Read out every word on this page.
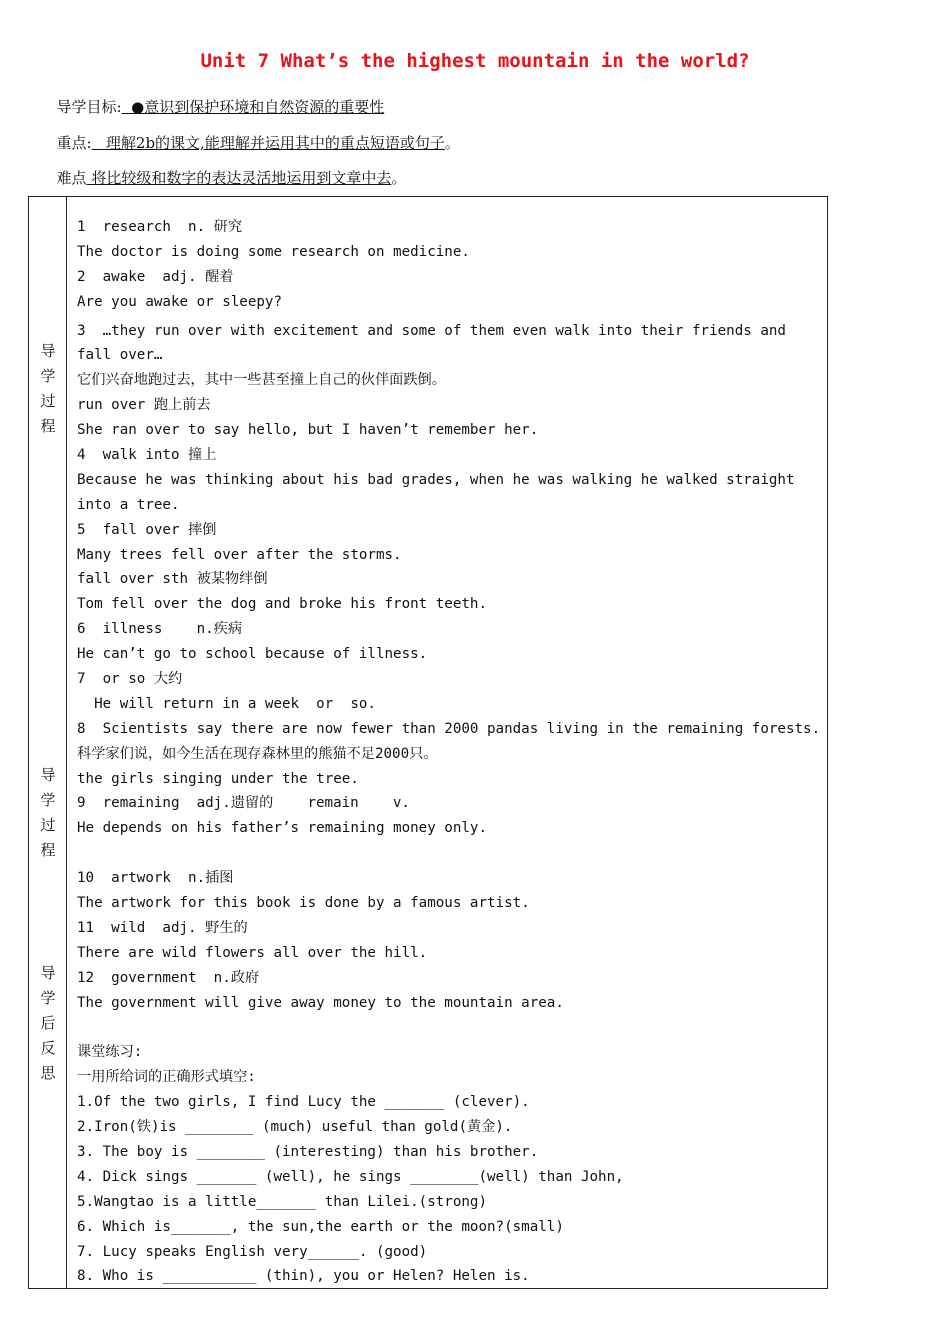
Unit 7 What’s the highest mountain in the world?

导学目标:  ●意识到保护环境和自然资源的重要性

重点:   理解2b的课文,能理解并运用其中的重点短语或句子。

难点 将比较级和数字的表达灵活地运用到文章中去。

导
学
过
程
导
学
过
程
导
学
后
反
思
1  research  n. 研究
The doctor is doing some research on medicine.
2  awake  adj. 醒着
Are you awake or sleepy?
3  …they run over with excitement and some of them even walk into their friends and
fall over…
它们兴奋地跑过去，其中一些甚至撞上自己的伙伴面跌倒。
run over 跑上前去
She ran over to say hello, but I haven’t remember her.
4  walk into 撞上
Because he was thinking about his bad grades, when he was walking he walked straight
into a tree.
5  fall over 摔倒
Many trees fell over after the storms.
fall over sth 被某物绊倒
Tom fell over the dog and broke his front teeth.
6  illness    n.疾病
He can’t go to school because of illness.
7  or so 大约
He will return in a week  or  so.
8  Scientists say there are now fewer than 2000 pandas living in the remaining forests.
科学家们说，如今生活在现存森林里的熊猫不足2000只。
the girls singing under the tree.
9  remaining  adj.遗留的    remain    v.
He depends on his father’s remaining money only.
10  artwork  n.插图
The artwork for this book is done by a famous artist.
11  wild  adj. 野生的
There are wild flowers all over the hill.
12  government  n.政府
The government will give away money to the mountain area.
课堂练习:
一用所给词的正确形式填空:
1.Of the two girls, I find Lucy the _______ (clever).
2.Iron(铁)is ________ (much) useful than gold(黄金).
3. The boy is ________ (interesting) than his brother.
4. Dick sings _______ (well), he sings ________(well) than John,
5.Wangtao is a little_______ than Lilei.(strong)
6. Which is_______, the sun,the earth or the moon?(small)
7. Lucy speaks English very______. (good)
8. Who is ___________ (thin), you or Helen? Helen is.
